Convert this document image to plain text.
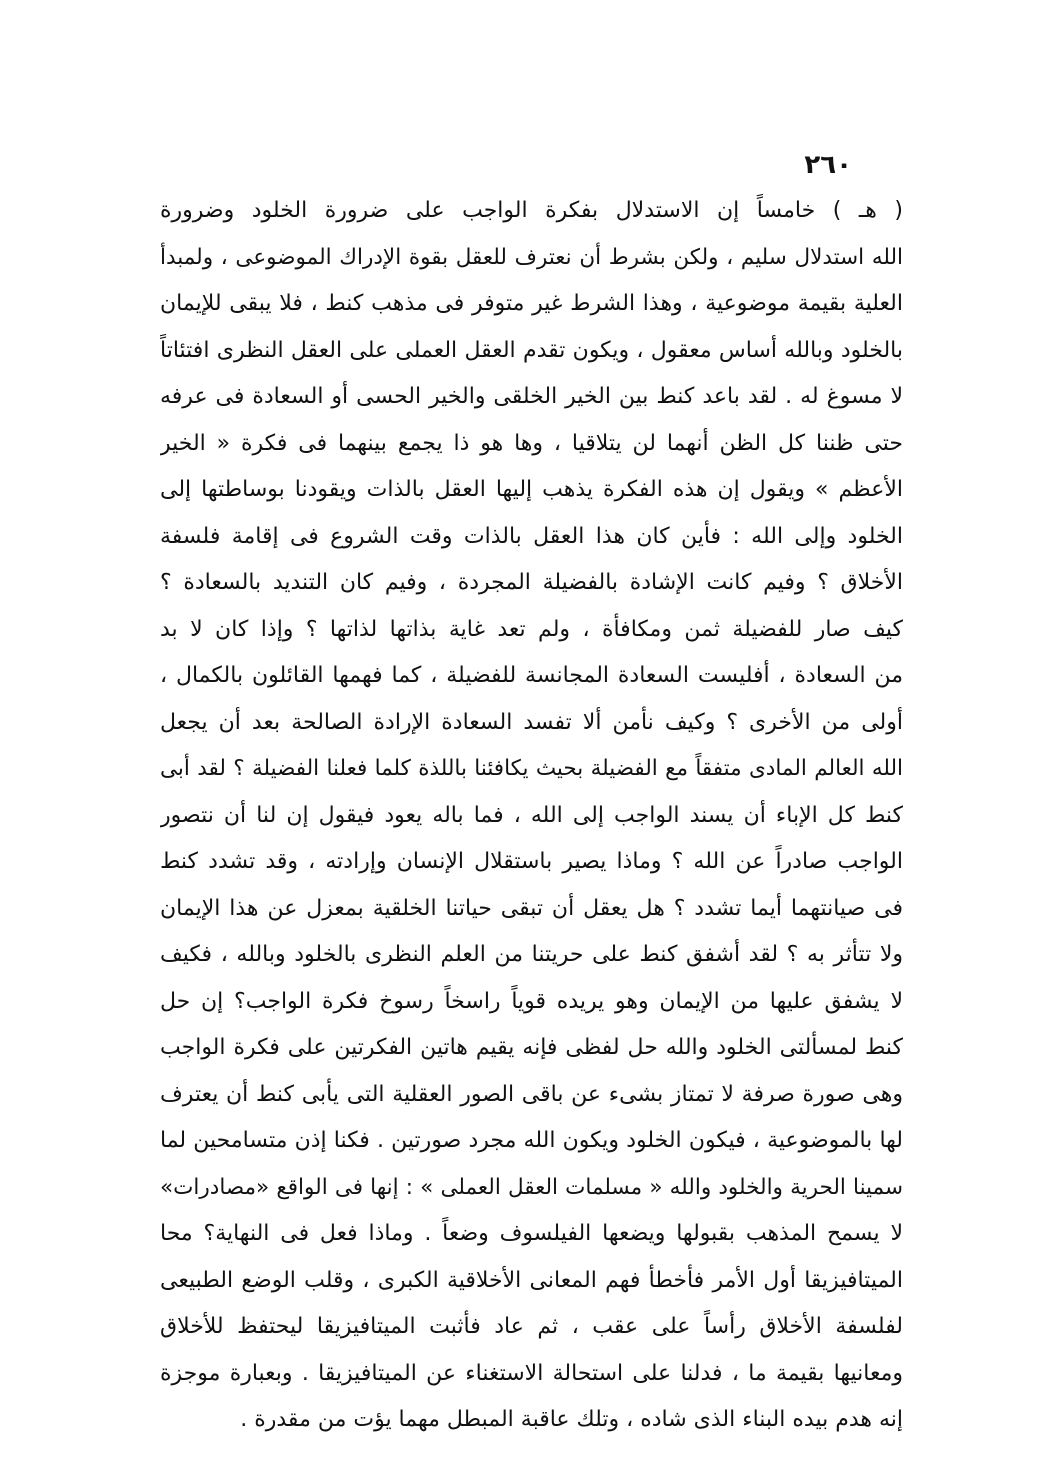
٢٦٠
( هـ ) خامساً إن الاستدلال بفكرة الواجب على ضرورة الخلود وضرورة
الله استدلال سليم ، ولكن بشرط أن نعترف للعقل بقوة الإدراك الموضوعى ، ولمبدأ
العلية بقيمة موضوعية ، وهذا الشرط غير متوفر فى مذهب كنط ، فلا يبقى للإيمان
بالخلود وبالله أساس معقول ، ويكون تقدم العقل العملى على العقل النظرى افتئاتاً
لا مسوغ له . لقد باعد كنط بين الخير الخلقى والخير الحسى أو السعادة فى عرفه
حتى ظننا كل الظن أنهما لن يتلاقيا ، وها هو ذا يجمع بينهما فى فكرة « الخير
الأعظم » ويقول إن هذه الفكرة يذهب إليها العقل بالذات ويقودنا بوساطتها إلى
الخلود وإلى الله : فأين كان هذا العقل بالذات وقت الشروع فى إقامة فلسفة
الأخلاق ؟ وفيم كانت الإشادة بالفضيلة المجردة ، وفيم كان التنديد بالسعادة ؟
كيف صار للفضيلة ثمن ومكافأة ، ولم تعد غاية بذاتها لذاتها ؟ وإذا كان لا بد
من السعادة ، أفليست السعادة المجانسة للفضيلة ، كما فهمها القائلون بالكمال ،
أولى من الأخرى ؟ وكيف نأمن ألا تفسد السعادة الإرادة الصالحة بعد أن يجعل
الله العالم المادى متفقاً مع الفضيلة بحيث يكافئنا باللذة كلما فعلنا الفضيلة ؟ لقد أبى
كنط كل الإباء أن يسند الواجب إلى الله ، فما باله يعود فيقول إن لنا أن نتصور
الواجب صادراً عن الله ؟ وماذا يصير باستقلال الإنسان وإرادته ، وقد تشدد كنط
فى صيانتهما أيما تشدد ؟ هل يعقل أن تبقى حياتنا الخلقية بمعزل عن هذا الإيمان
ولا تتأثر به ؟ لقد أشفق كنط على حريتنا من العلم النظرى بالخلود وبالله ، فكيف
لا يشفق عليها من الإيمان وهو يريده قوياً راسخاً رسوخ فكرة الواجب؟ إن حل
كنط لمسألتى الخلود والله حل لفظى فإنه يقيم هاتين الفكرتين على فكرة الواجب
وهى صورة صرفة لا تمتاز بشىء عن باقى الصور العقلية التى يأبى كنط أن يعترف
لها بالموضوعية ، فيكون الخلود ويكون الله مجرد صورتين . فكنا إذن متسامحين لما
سمينا الحرية والخلود والله « مسلمات العقل العملى » : إنها فى الواقع «مصادرات»
لا يسمح المذهب بقبولها ويضعها الفيلسوف وضعاً . وماذا فعل فى النهاية؟ محا
الميتافيزيقا أول الأمر فأخطأ فهم المعانى الأخلاقية الكبرى ، وقلب الوضع الطبيعى
لفلسفة الأخلاق رأساً على عقب ، ثم عاد فأثبت الميتافيزيقا ليحتفظ للأخلاق
ومعانيها بقيمة ما ، فدلنا على استحالة الاستغناء عن الميتافيزيقا . وبعبارة موجزة
إنه هدم بيده البناء الذى شاده ، وتلك عاقبة المبطل مهما يؤت من مقدرة .
